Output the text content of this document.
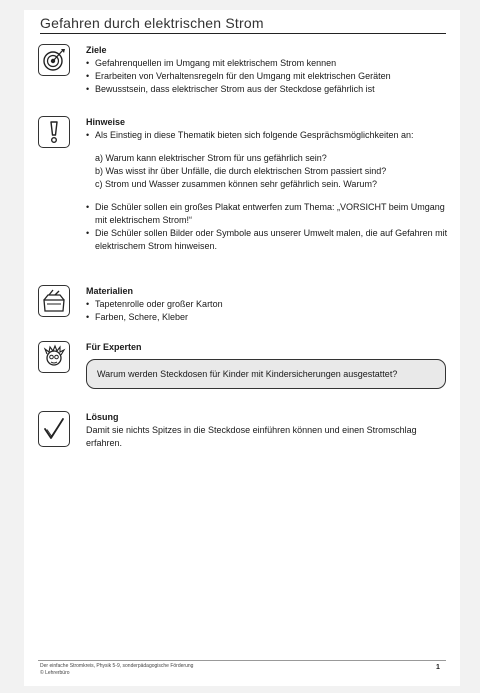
Gefahren durch elektrischen Strom
Ziele
• Gefahrenquellen im Umgang mit elektrischem Strom kennen
• Erarbeiten von Verhaltensregeln für den Umgang mit elektrischen Geräten
• Bewusstsein, dass elektrischer Strom aus der Steckdose gefährlich ist
Hinweise
• Als Einstieg in diese Thematik bieten sich folgende Gesprächsmöglichkeiten an:
a) Warum kann elektrischer Strom für uns gefährlich sein?
b) Was wisst ihr über Unfälle, die durch elektrischen Strom passiert sind?
c) Strom und Wasser zusammen können sehr gefährlich sein. Warum?
• Die Schüler sollen ein großes Plakat entwerfen zum Thema: „VORSICHT beim Umgang mit elektrischem Strom!“
• Die Schüler sollen Bilder oder Symbole aus unserer Umwelt malen, die auf Gefahren mit elektrischem Strom hinweisen.
Materialien
• Tapetenrolle oder großer Karton
• Farben, Schere, Kleber
Für Experten
Warum werden Steckdosen für Kinder mit Kindersicherungen ausgestattet?
Lösung

Damit sie nichts Spitzes in die Steckdose einführen können und einen Stromschlag erfahren.

Der einfache Stromkreis, Physik 5-9, sonderpädagogische Förderung
© Lehrerbüro
1
